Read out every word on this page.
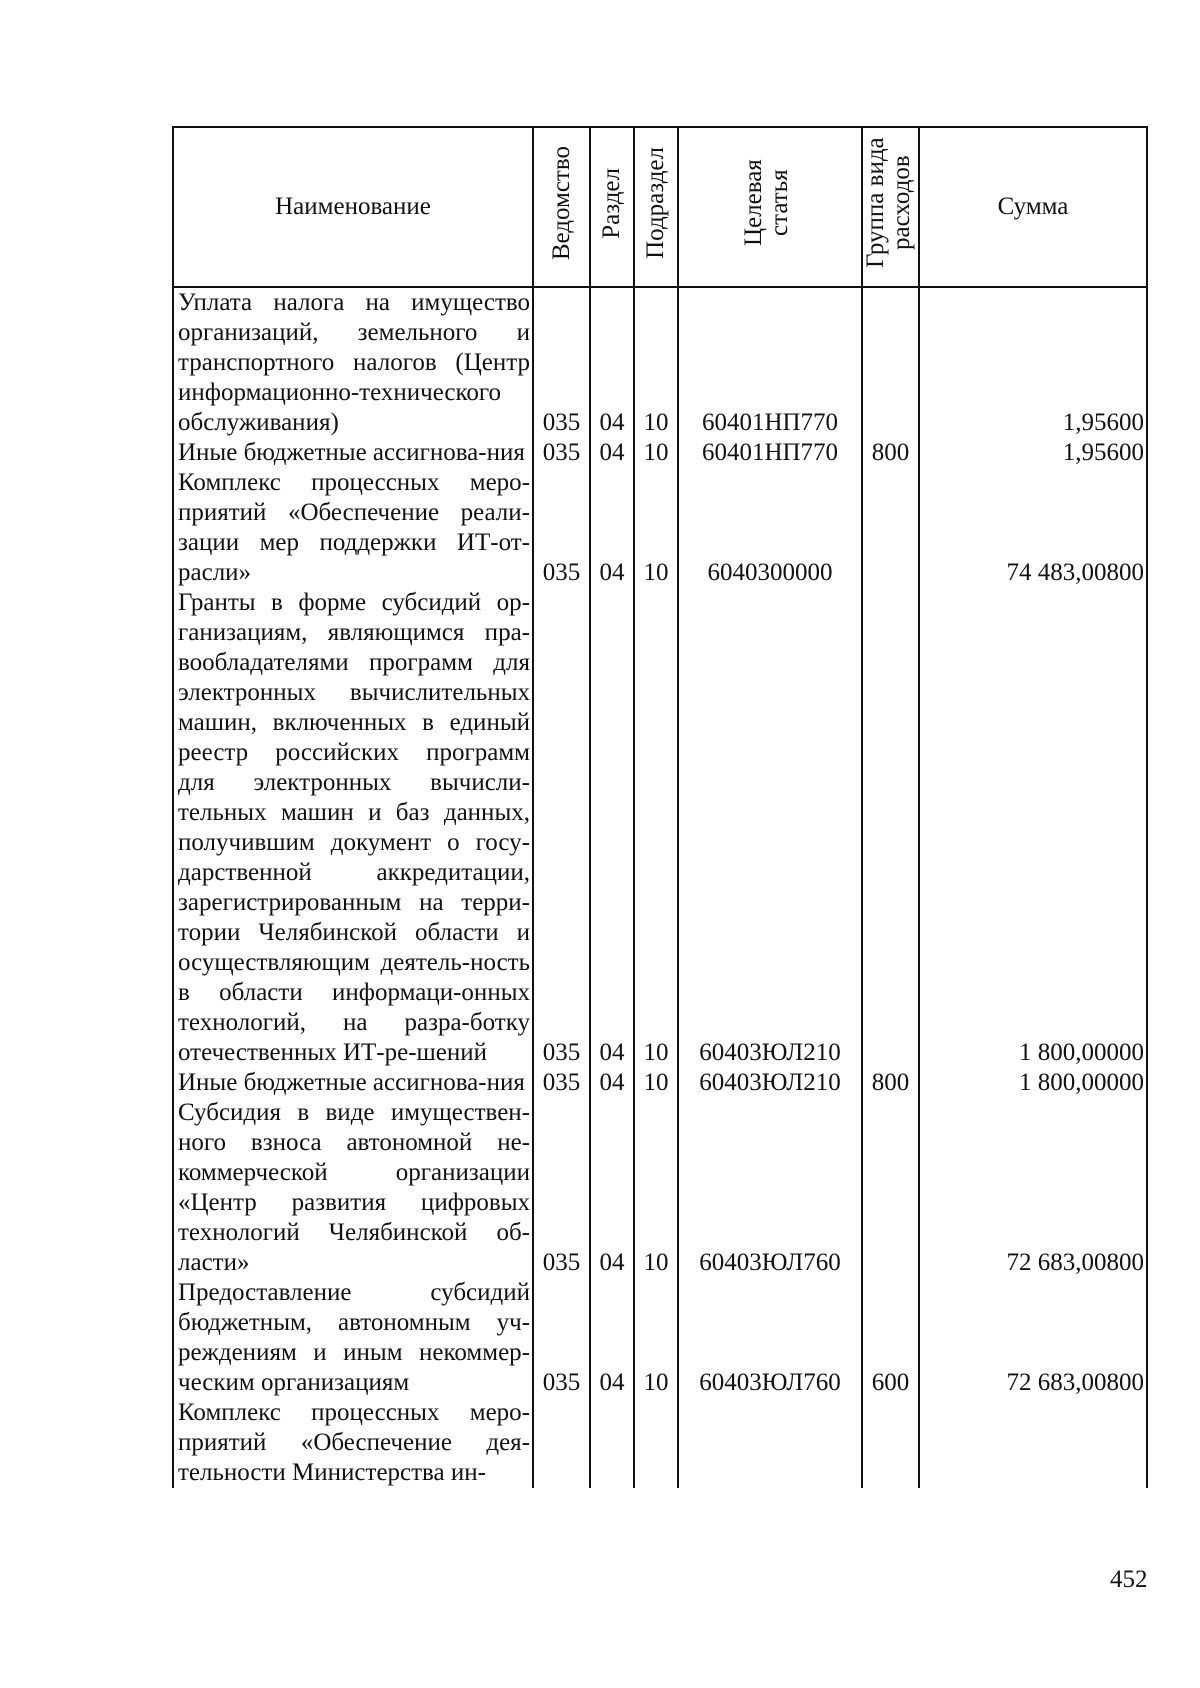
Наименование	Ведомство	Раздел	Подраздел	Целевая статья	Группа вида расходов	Сумма
Уплата налога на имущество организаций, земельного и транспортного налогов (Центр информационно-технического обслуживания)	035	04	10	60401НП770		1,95600
Иные бюджетные ассигнова-ния	035	04	10	60401НП770	800	1,95600
Комплекс процессных меро-приятий «Обеспечение реали-зации мер поддержки ИТ-от-расли»	035	04	10	6040300000		74 483,00800
Гранты в форме субсидий ор-ганизациям, являющимся пра-вообладателями программ для электронных вычислительных машин, включенных в единый реестр российских программ для электронных вычисли-тельных машин и баз данных, получившим документ о госу-дарственной аккредитации, зарегистрированным на терри-тории Челябинской области и осуществляющим деятель-ность в области информаци-онных технологий, на разра-ботку отечественных ИТ-ре-шений	035	04	10	60403ЮЛ210		1 800,00000
Иные бюджетные ассигнова-ния	035	04	10	60403ЮЛ210	800	1 800,00000
Субсидия в виде имуществен-ного взноса автономной не-коммерческой организации «Центр развития цифровых технологий Челябинской об-ласти»	035	04	10	60403ЮЛ760		72 683,00800
Предоставление субсидий бюджетным, автономным уч-реждениям и иным некоммер-ческим организациям	035	04	10	60403ЮЛ760	600	72 683,00800
Комплекс процессных меро-приятий «Обеспечение дея-тельности Министерства ин-						
452
